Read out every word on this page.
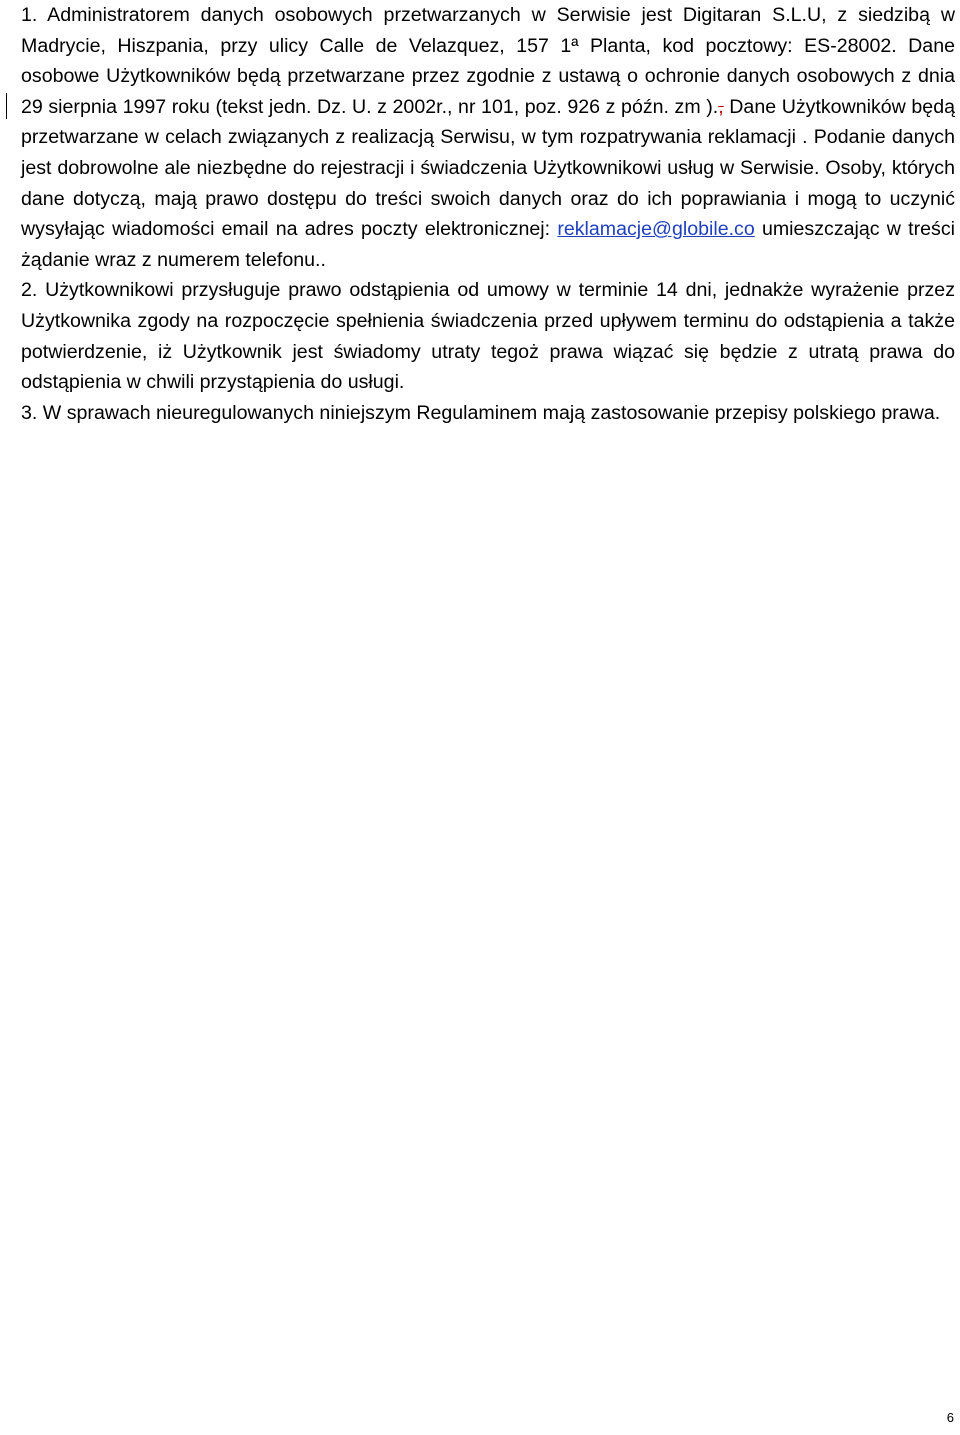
1. Administratorem danych osobowych przetwarzanych w Serwisie jest Digitaran S.L.U, z siedzibą w Madrycie, Hiszpania, przy ulicy Calle de Velazquez, 157 1ª Planta, kod pocztowy: ES-28002. Dane osobowe Użytkowników będą przetwarzane przez zgodnie z ustawą o ochronie danych osobowych z dnia 29 sierpnia 1997 roku (tekst jedn. Dz. U. z 2002r., nr 101, poz. 926 z późn. zm )., Dane Użytkowników będą przetwarzane w celach związanych z realizacją Serwisu, w tym rozpatrywania reklamacji . Podanie danych jest dobrowolne ale niezbędne do rejestracji i świadczenia Użytkownikowi usług w Serwisie. Osoby, których dane dotyczą, mają prawo dostępu do treści swoich danych oraz do ich poprawiania i mogą to uczynić wysyłając wiadomości email na adres poczty elektronicznej: reklamacje@globile.co umieszczając w treści żądanie wraz z numerem telefonu..

2. Użytkownikowi przysługuje prawo odstąpienia od umowy w terminie 14 dni, jednakże wyrażenie przez Użytkownika zgody na rozpoczęcie spełnienia świadczenia przed upływem terminu do odstąpienia a także potwierdzenie, iż Użytkownik jest świadomy utraty tegoż prawa wiązać się będzie z utratą prawa do odstąpienia w chwili przystąpienia do usługi.

3. W sprawach nieuregulowanych niniejszym Regulaminem mają zastosowanie przepisy polskiego prawa.

6
